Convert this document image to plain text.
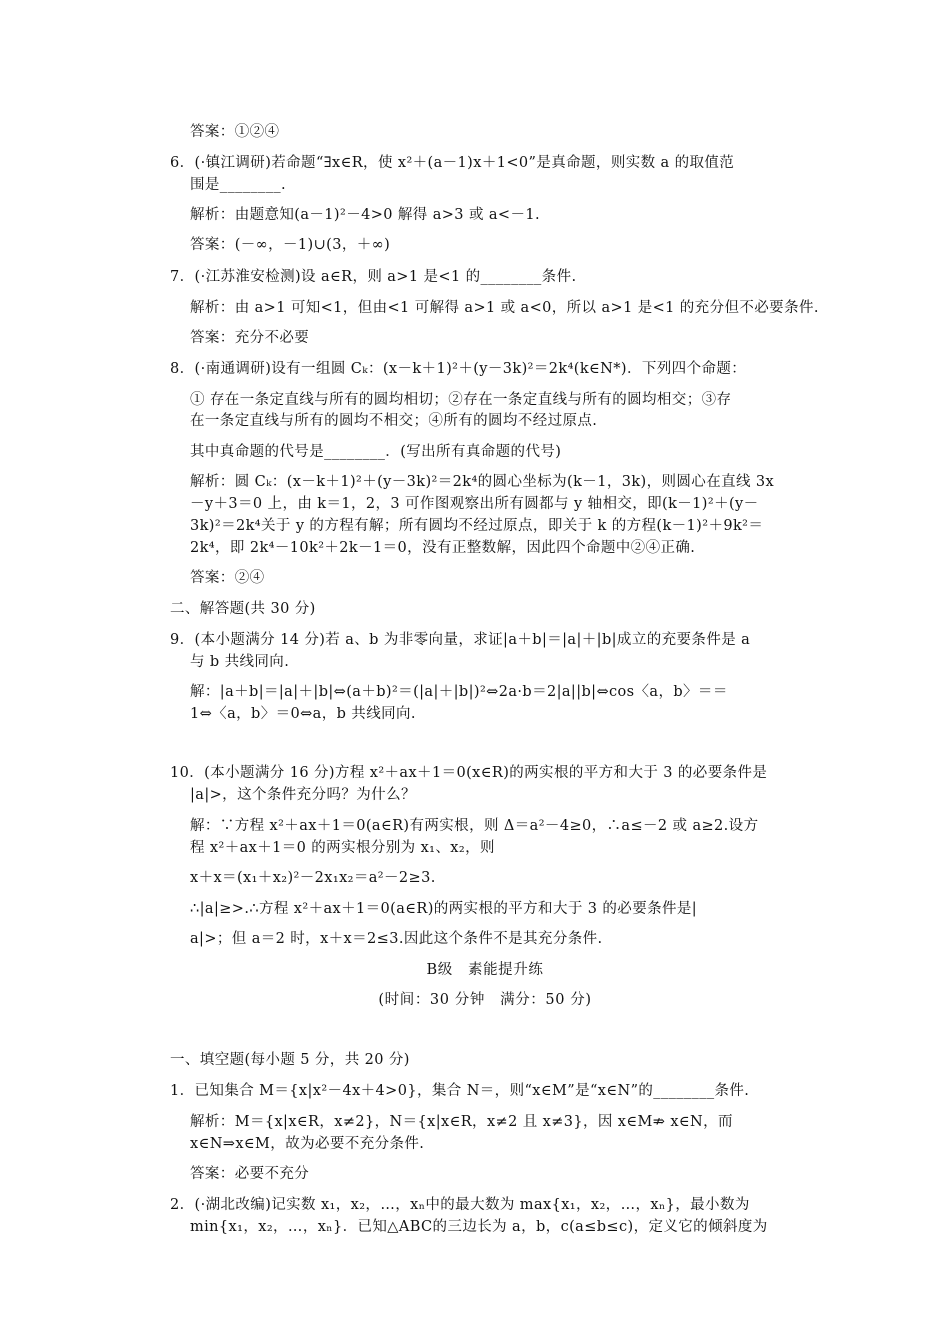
答案：①②④
6．(·镇江调研)若命题“∃x∈R，使 x²＋(a－1)x＋1<0”是真命题，则实数 a 的取值范
围是________.
解析：由题意知(a－1)²－4>0 解得 a>3 或 a<－1.
答案：(－∞，－1)∪(3，＋∞)
7．(·江苏淮安检测)设 a∈R，则 a>1 是<1 的________条件.
解析：由 a>1 可知<1，但由<1 可解得 a>1 或 a<0，所以 a>1 是<1 的充分但不必要条件.
答案：充分不必要
8．(·南通调研)设有一组圆 Cₖ：(x－k＋1)²＋(y－3k)²＝2k⁴(k∈N*)．下列四个命题：
① 存在一条定直线与所有的圆均相切；②存在一条定直线与所有的圆均相交；③存
在一条定直线与所有的圆均不相交；④所有的圆均不经过原点.
其中真命题的代号是________．(写出所有真命题的代号)
解析：圆 Cₖ：(x－k＋1)²＋(y－3k)²＝2k⁴的圆心坐标为(k－1，3k)，则圆心在直线 3x
－y＋3＝0 上，由 k＝1，2，3 可作图观察出所有圆都与 y 轴相交，即(k－1)²＋(y－
3k)²＝2k⁴关于 y 的方程有解；所有圆均不经过原点，即关于 k 的方程(k－1)²＋9k²＝
2k⁴，即 2k⁴－10k²＋2k－1＝0，没有正整数解，因此四个命题中②④正确.
答案：②④
二、解答题(共 30 分)
9．(本小题满分 14 分)若 a、b 为非零向量，求证|a＋b|＝|a|＋|b|成立的充要条件是 a
与 b 共线同向.
解：|a＋b|＝|a|＋|b|⇔(a＋b)²＝(|a|＋|b|)²⇔2a·b＝2|a||b|⇔cos〈a，b〉＝＝
1⇔〈a，b〉＝0⇔a，b 共线同向.
10．(本小题满分 16 分)方程 x²＋ax＋1＝0(x∈R)的两实根的平方和大于 3 的必要条件是
|a|>，这个条件充分吗？为什么？
解：∵方程 x²＋ax＋1＝0(a∈R)有两实根，则 Δ＝a²－4≥0，∴a≤－2 或 a≥2.设方
程 x²＋ax＋1＝0 的两实根分别为 x₁、x₂，则
x＋x＝(x₁＋x₂)²－2x₁x₂＝a²－2≥3.
∴|a|≥>.∴方程 x²＋ax＋1＝0(a∈R)的两实根的平方和大于 3 的必要条件是|
a|>；但 a＝2 时，x＋x＝2≤3.因此这个条件不是其充分条件.
B级　素能提升练
(时间：30 分钟　满分：50 分)
一、填空题(每小题 5 分，共 20 分)
1．已知集合 M＝{x|x²－4x＋4>0}，集合 N＝，则“x∈M”是“x∈N”的________条件.
解析：M＝{x|x∈R，x≠2}，N＝{x|x∈R，x≠2 且 x≠3}，因 x∈M⇏ x∈N，而
x∈N⇒x∈M，故为必要不充分条件.
答案：必要不充分
2．(·湖北改编)记实数 x₁，x₂，…，xₙ中的最大数为 max{x₁，x₂，…，xₙ}，最小数为
min{x₁，x₂，…，xₙ}．已知△ABC的三边长为 a，b，c(a≤b≤c)，定义它的倾斜度为
